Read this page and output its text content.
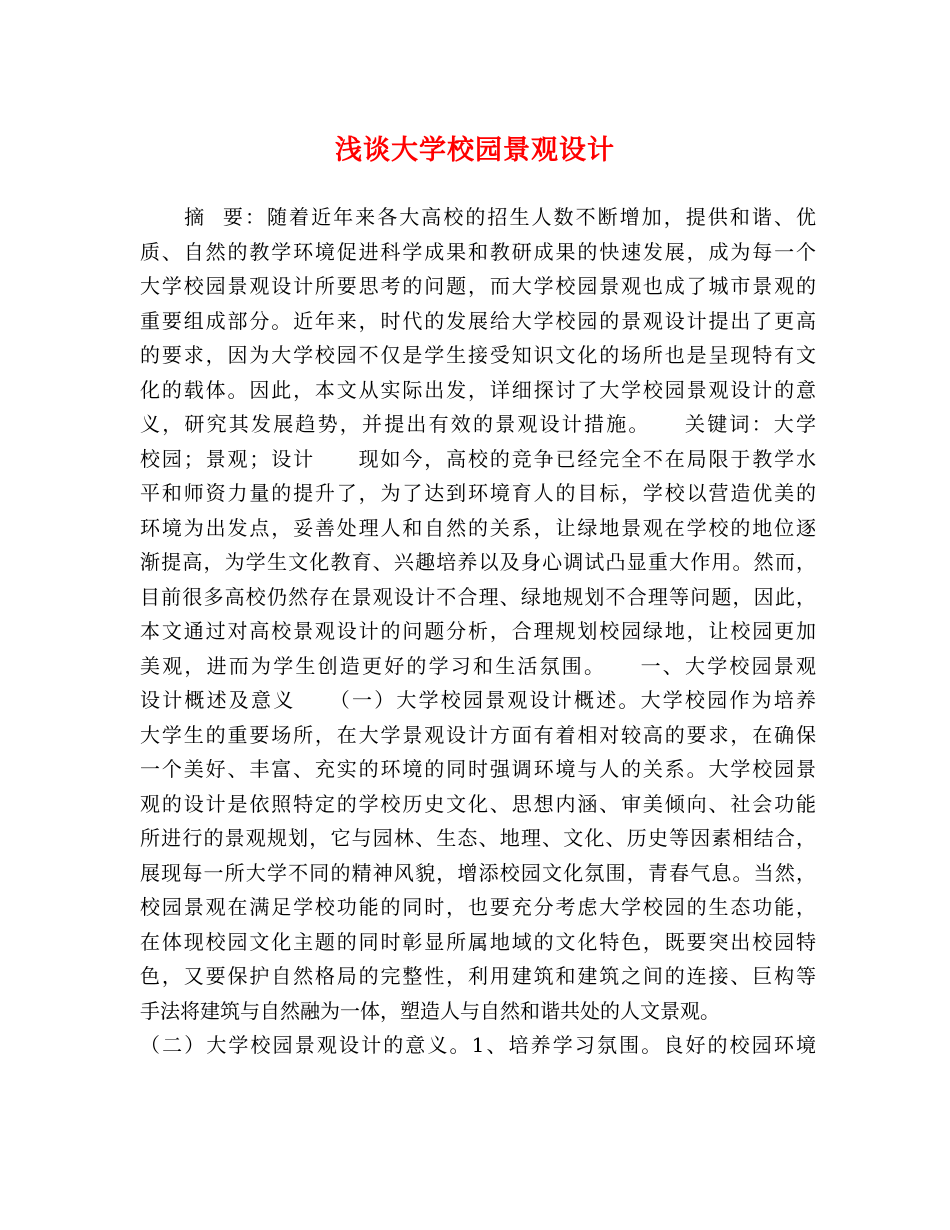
浅谈大学校园景观设计
　　摘  要：随着近年来各大高校的招生人数不断增加，提供和谐、优
质、自然的教学环境促进科学成果和教研成果的快速发展，成为每一个
大学校园景观设计所要思考的问题，而大学校园景观也成了城市景观的
重要组成部分。近年来，时代的发展给大学校园的景观设计提出了更高
的要求，因为大学校园不仅是学生接受知识文化的场所也是呈现特有文
化的载体。因此，本文从实际出发，详细探讨了大学校园景观设计的意
义，研究其发展趋势，并提出有效的景观设计措施。　　关键词：大学
校园；景观；设计　　现如今，高校的竞争已经完全不在局限于教学水
平和师资力量的提升了，为了达到环境育人的目标，学校以营造优美的
环境为出发点，妥善处理人和自然的关系，让绿地景观在学校的地位逐
渐提高，为学生文化教育、兴趣培养以及身心调试凸显重大作用。然而，
目前很多高校仍然存在景观设计不合理、绿地规划不合理等问题，因此，
本文通过对高校景观设计的问题分析，合理规划校园绿地，让校园更加
美观，进而为学生创造更好的学习和生活氛围。　　一、大学校园景观
设计概述及意义　　（一）大学校园景观设计概述。大学校园作为培养
大学生的重要场所，在大学景观设计方面有着相对较高的要求，在确保
一个美好、丰富、充实的环境的同时强调环境与人的关系。大学校园景
观的设计是依照特定的学校历史文化、思想内涵、审美倾向、社会功能
所进行的景观规划，它与园林、生态、地理、文化、历史等因素相结合，
展现每一所大学不同的精神风貌，增添校园文化氛围，青春气息。当然，
校园景观在满足学校功能的同时，也要充分考虑大学校园的生态功能，
在体现校园文化主题的同时彰显所属地域的文化特色，既要突出校园特
色，又要保护自然格局的完整性，利用建筑和建筑之间的连接、巨构等
手法将建筑与自然融为一体，塑造人与自然和谐共处的人文景观。
（二）大学校园景观设计的意义。1、培养学习氛围。良好的校园环境
